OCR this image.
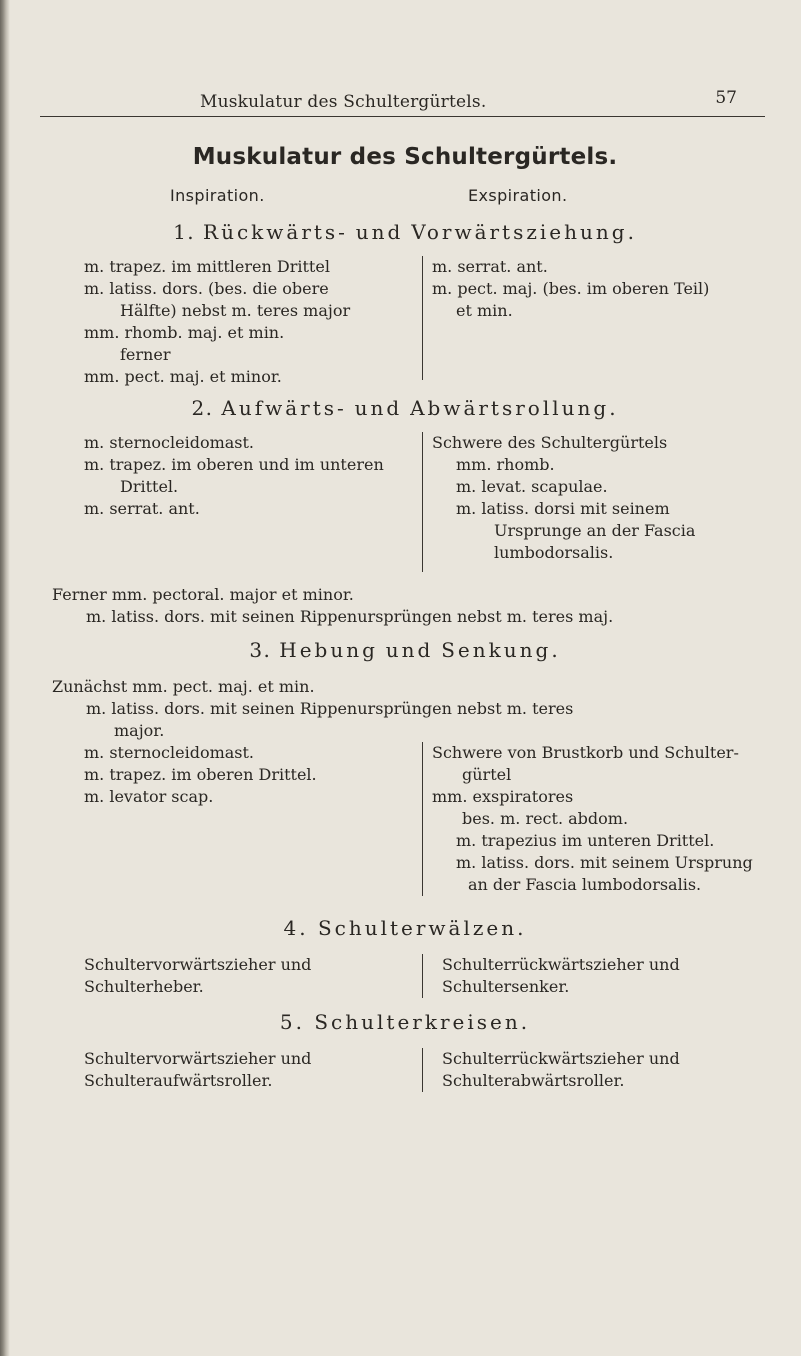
Muskulatur des Schultergürtels.	57
Muskulatur des Schultergürtels.
Inspiration.	Exspiration.
1. Rückwärts- und Vorwärtsziehung.
m. trapez. im mittleren Drittel
m. latiss. dors. (bes. die obere
Hälfte) nebst m. teres major
mm. rhomb. maj. et min.
ferner
mm. pect. maj. et minor.
m. serrat. ant.
m. pect. maj. (bes. im oberen Teil)
et min.
2. Aufwärts- und Abwärtsrollung.
m. sternocleidomast.
m. trapez. im oberen und im unteren
Drittel.
m. serrat. ant.
Schwere des Schultergürtels
mm. rhomb.
m. levat. scapulae.
m. latiss. dorsi mit seinem
Ursprunge an der Fascia
lumbodorsalis.
Ferner mm. pectoral. major et minor.
m. latiss. dors. mit seinen Rippenursprüngen nebst m. teres maj.
3. Hebung und Senkung.
Zunächst mm. pect. maj. et min.
m. latiss. dors. mit seinen Rippenursprüngen nebst m. teres
major.
m. sternocleidomast.
m. trapez. im oberen Drittel.
m. levator scap.
Schwere von Brustkorb und Schulter-
gürtel
mm. exspiratores
bes. m. rect. abdom.
m. trapezius im unteren Drittel.
m. latiss. dors. mit seinem Ursprung
an der Fascia lumbodorsalis.
4. Schulterwälzen.
Schultervorwärtszieher und
Schulterheber.
Schulterrückwärtszieher und
Schultersenker.
5. Schulterkreisen.
Schultervorwärtszieher und
Schulteraufwärtsroller.
Schulterrückwärtszieher und
Schulterabwärtsroller.
